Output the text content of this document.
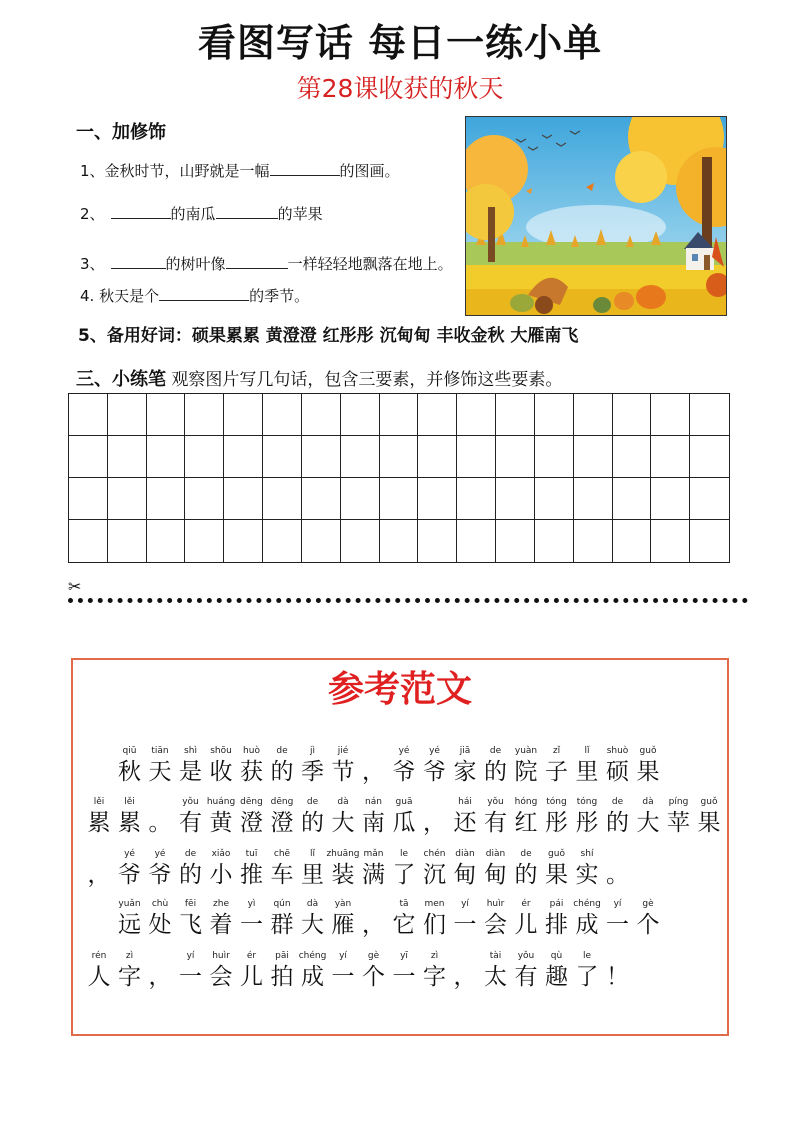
看图写话 每日一练小单
第28课收获的秋天
一、加修饰
1、金秋时节，山野就是一幅	的图画。
2、	的南瓜	的苹果
3、	的树叶像	一样轻轻地飘落在地上。
4. 秋天是个	的季节。
5、备用好词：硕果累累 黄澄澄 红彤彤 沉甸甸 丰收金秋 大雁南飞
三、小练笔 观察图片写几句话，包含三要素，并修饰这些要素。
✂
参考范文
qiū
秋
tiān
天
shì
是
shōu
收
huò
获
de
的
jì
季
jié
节 ，
yé
爷
yé
爷
jiā
家
de
的
yuàn
院
zǐ
子
lǐ
里
shuò
硕
guǒ
果
lěi
累
lěi
累 。
yǒu
有
huáng
黄
dēng
澄
dēng
澄
de
的
dà
大
nán
南
guā
瓜 ，
hái
还
yǒu
有
hóng
红
tóng
彤
tóng
彤
de
的
dà
大
píng
苹
guǒ
果
，
yé
爷
yé
爷
de
的
xiǎo
小
tuī
推
chē
车
lǐ
里
zhuāng
装
mǎn
满
le
了
chén
沉
diàn
甸
diàn
甸
de
的
guǒ
果
shí
实 。
yuǎn
远
chù
处
fēi
飞
zhe
着
yì
一
qún
群
dà
大
yàn
雁 ，
tā
它
men
们
yí
一
huìr
会
ér
儿
pái
排
chéng
成
yí
一
gè
个
rén
人
zì
字 ，
yí
一
huìr
会
ér
儿
pāi
拍
chéng
成
yí
一
gè
个
yī
一
zì
字 ，
tài
太
yǒu
有
qù
趣
le
了 ！
